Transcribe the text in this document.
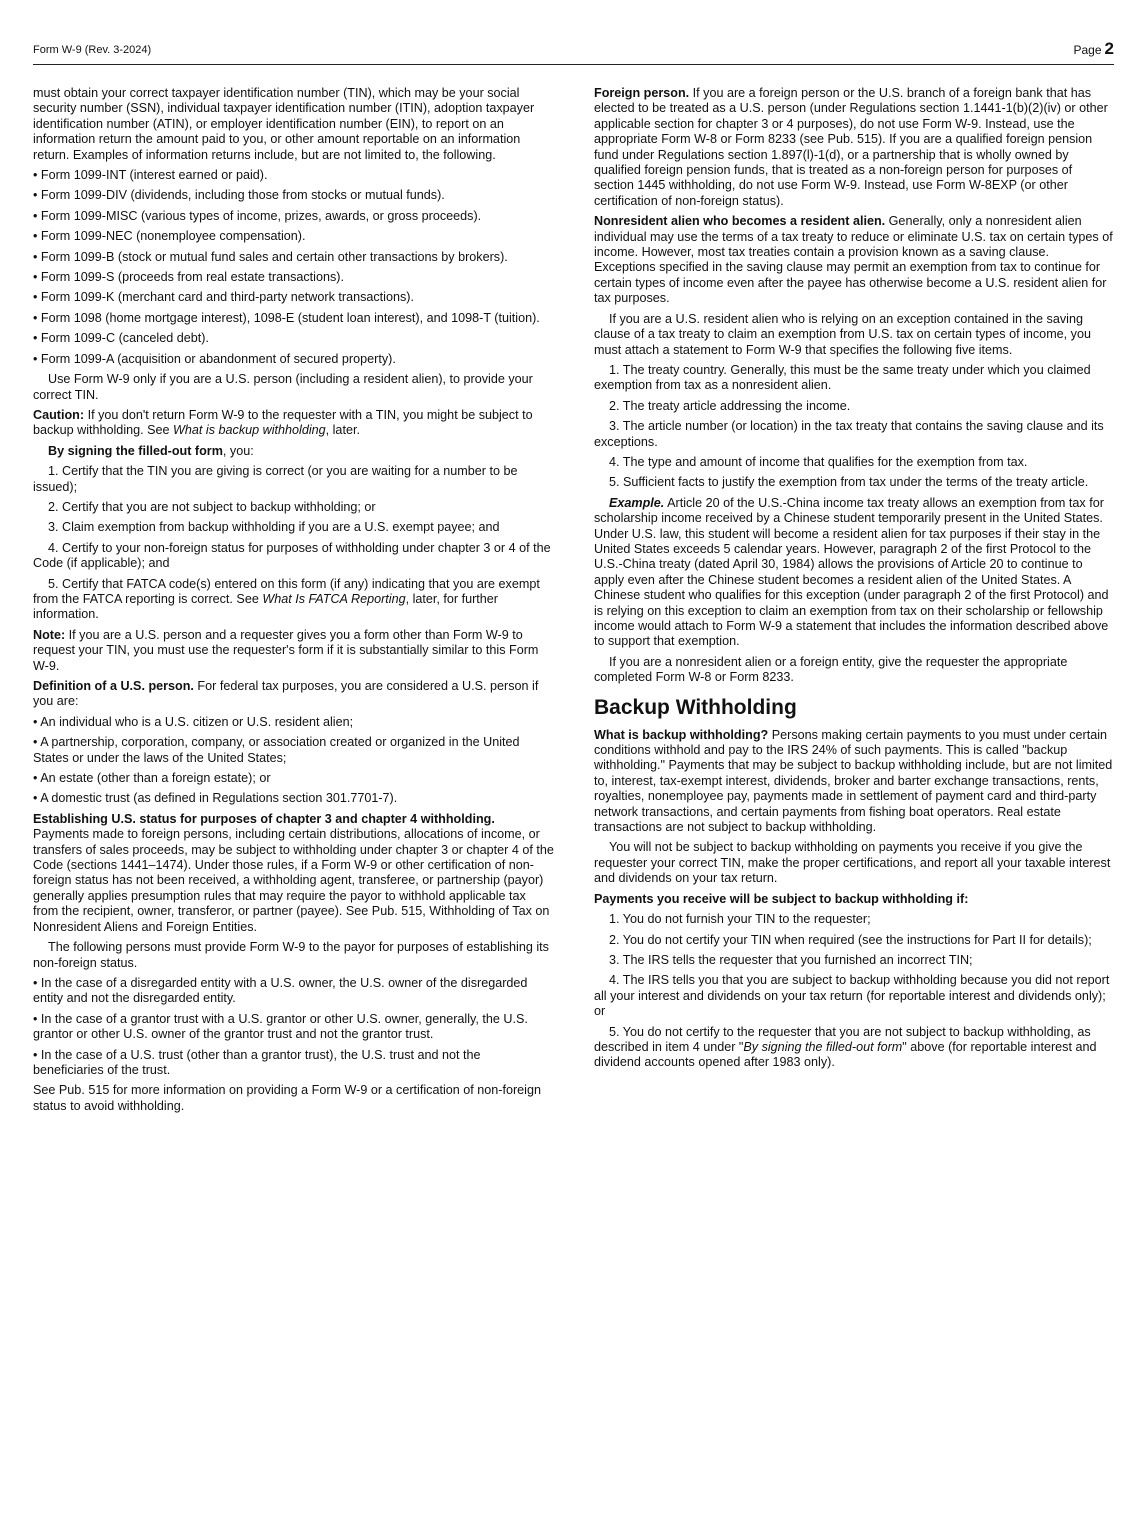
Form W-9 (Rev. 3-2024)	Page 2

must obtain your correct taxpayer identification number (TIN), which may be your social security number (SSN), individual taxpayer identification number (ITIN), adoption taxpayer identification number (ATIN), or employer identification number (EIN), to report on an information return the amount paid to you, or other amount reportable on an information return. Examples of information returns include, but are not limited to, the following.

• Form 1099-INT (interest earned or paid).

• Form 1099-DIV (dividends, including those from stocks or mutual funds).

• Form 1099-MISC (various types of income, prizes, awards, or gross proceeds).

• Form 1099-NEC (nonemployee compensation).

• Form 1099-B (stock or mutual fund sales and certain other transactions by brokers).

• Form 1099-S (proceeds from real estate transactions).

• Form 1099-K (merchant card and third-party network transactions).

• Form 1098 (home mortgage interest), 1098-E (student loan interest), and 1098-T (tuition).

• Form 1099-C (canceled debt).

• Form 1099-A (acquisition or abandonment of secured property).

Use Form W-9 only if you are a U.S. person (including a resident alien), to provide your correct TIN.

Caution: If you don't return Form W-9 to the requester with a TIN, you might be subject to backup withholding. See What is backup withholding, later.

By signing the filled-out form, you:

1. Certify that the TIN you are giving is correct (or you are waiting for a number to be issued);

2. Certify that you are not subject to backup withholding; or

3. Claim exemption from backup withholding if you are a U.S. exempt payee; and

4. Certify to your non-foreign status for purposes of withholding under chapter 3 or 4 of the Code (if applicable); and

5. Certify that FATCA code(s) entered on this form (if any) indicating that you are exempt from the FATCA reporting is correct. See What Is FATCA Reporting, later, for further information.

Note: If you are a U.S. person and a requester gives you a form other than Form W-9 to request your TIN, you must use the requester's form if it is substantially similar to this Form W-9.

Definition of a U.S. person. For federal tax purposes, you are considered a U.S. person if you are:

• An individual who is a U.S. citizen or U.S. resident alien;

• A partnership, corporation, company, or association created or organized in the United States or under the laws of the United States;

• An estate (other than a foreign estate); or

• A domestic trust (as defined in Regulations section 301.7701-7).

Establishing U.S. status for purposes of chapter 3 and chapter 4 withholding. Payments made to foreign persons, including certain distributions, allocations of income, or transfers of sales proceeds, may be subject to withholding under chapter 3 or chapter 4 of the Code (sections 1441–1474). Under those rules, if a Form W-9 or other certification of non-foreign status has not been received, a withholding agent, transferee, or partnership (payor) generally applies presumption rules that may require the payor to withhold applicable tax from the recipient, owner, transferor, or partner (payee). See Pub. 515, Withholding of Tax on Nonresident Aliens and Foreign Entities.

The following persons must provide Form W-9 to the payor for purposes of establishing its non-foreign status.

• In the case of a disregarded entity with a U.S. owner, the U.S. owner of the disregarded entity and not the disregarded entity.

• In the case of a grantor trust with a U.S. grantor or other U.S. owner, generally, the U.S. grantor or other U.S. owner of the grantor trust and not the grantor trust.

• In the case of a U.S. trust (other than a grantor trust), the U.S. trust and not the beneficiaries of the trust.

See Pub. 515 for more information on providing a Form W-9 or a certification of non-foreign status to avoid withholding.

Foreign person. If you are a foreign person or the U.S. branch of a foreign bank that has elected to be treated as a U.S. person (under Regulations section 1.1441-1(b)(2)(iv) or other applicable section for chapter 3 or 4 purposes), do not use Form W-9. Instead, use the appropriate Form W-8 or Form 8233 (see Pub. 515). If you are a qualified foreign pension fund under Regulations section 1.897(l)-1(d), or a partnership that is wholly owned by qualified foreign pension funds, that is treated as a non-foreign person for purposes of section 1445 withholding, do not use Form W-9. Instead, use Form W-8EXP (or other certification of non-foreign status).

Nonresident alien who becomes a resident alien. Generally, only a nonresident alien individual may use the terms of a tax treaty to reduce or eliminate U.S. tax on certain types of income. However, most tax treaties contain a provision known as a saving clause. Exceptions specified in the saving clause may permit an exemption from tax to continue for certain types of income even after the payee has otherwise become a U.S. resident alien for tax purposes.

If you are a U.S. resident alien who is relying on an exception contained in the saving clause of a tax treaty to claim an exemption from U.S. tax on certain types of income, you must attach a statement to Form W-9 that specifies the following five items.

1. The treaty country. Generally, this must be the same treaty under which you claimed exemption from tax as a nonresident alien.

2. The treaty article addressing the income.

3. The article number (or location) in the tax treaty that contains the saving clause and its exceptions.

4. The type and amount of income that qualifies for the exemption from tax.

5. Sufficient facts to justify the exemption from tax under the terms of the treaty article.

Example. Article 20 of the U.S.-China income tax treaty allows an exemption from tax for scholarship income received by a Chinese student temporarily present in the United States. Under U.S. law, this student will become a resident alien for tax purposes if their stay in the United States exceeds 5 calendar years. However, paragraph 2 of the first Protocol to the U.S.-China treaty (dated April 30, 1984) allows the provisions of Article 20 to continue to apply even after the Chinese student becomes a resident alien of the United States. A Chinese student who qualifies for this exception (under paragraph 2 of the first Protocol) and is relying on this exception to claim an exemption from tax on their scholarship or fellowship income would attach to Form W-9 a statement that includes the information described above to support that exemption.

If you are a nonresident alien or a foreign entity, give the requester the appropriate completed Form W-8 or Form 8233.

Backup Withholding

What is backup withholding? Persons making certain payments to you must under certain conditions withhold and pay to the IRS 24% of such payments. This is called "backup withholding." Payments that may be subject to backup withholding include, but are not limited to, interest, tax-exempt interest, dividends, broker and barter exchange transactions, rents, royalties, nonemployee pay, payments made in settlement of payment card and third-party network transactions, and certain payments from fishing boat operators. Real estate transactions are not subject to backup withholding.

You will not be subject to backup withholding on payments you receive if you give the requester your correct TIN, make the proper certifications, and report all your taxable interest and dividends on your tax return.

Payments you receive will be subject to backup withholding if:

1. You do not furnish your TIN to the requester;

2. You do not certify your TIN when required (see the instructions for Part II for details);

3. The IRS tells the requester that you furnished an incorrect TIN;

4. The IRS tells you that you are subject to backup withholding because you did not report all your interest and dividends on your tax return (for reportable interest and dividends only); or

5. You do not certify to the requester that you are not subject to backup withholding, as described in item 4 under "By signing the filled-out form" above (for reportable interest and dividend accounts opened after 1983 only).
